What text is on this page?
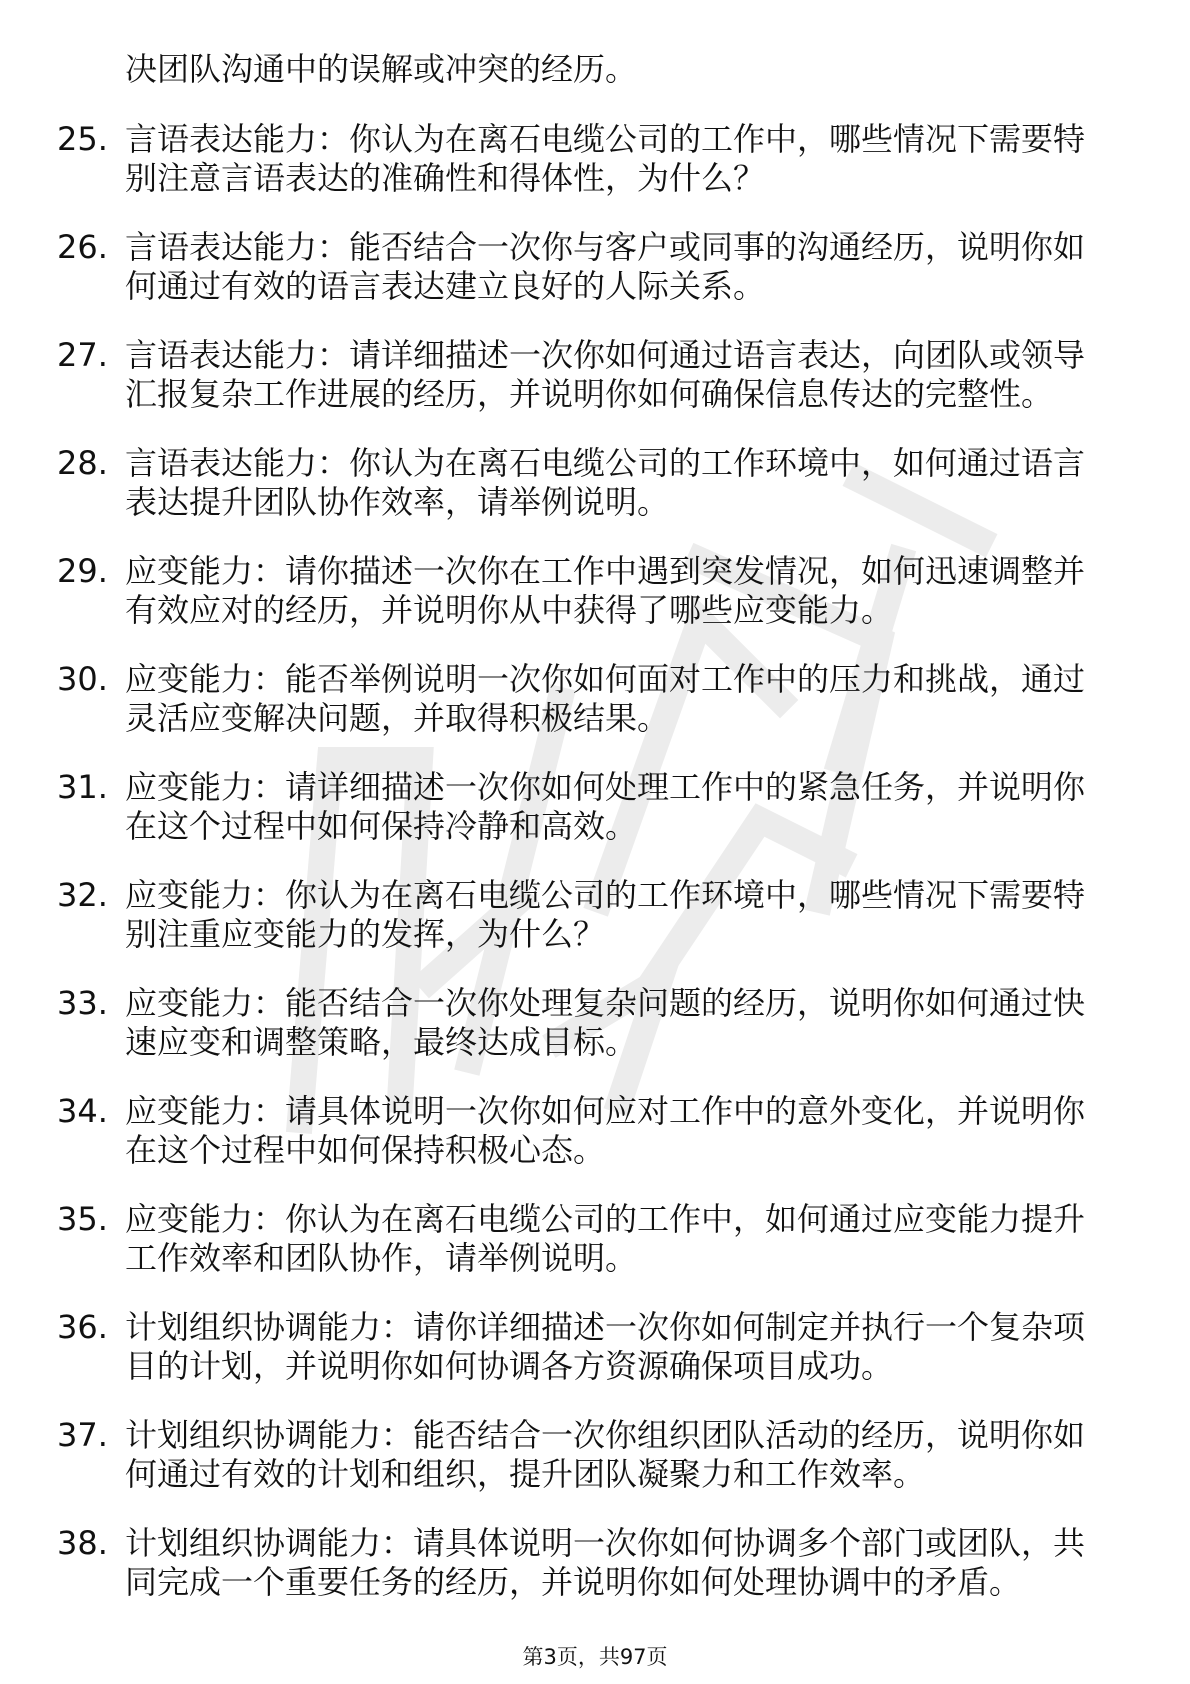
决团队沟通中的误解或冲突的经历。

25. 言语表达能力：你认为在离石电缆公司的工作中，哪些情况下需要特别注意言语表达的准确性和得体性，为什么？
26. 言语表达能力：能否结合一次你与客户或同事的沟通经历，说明你如何通过有效的语言表达建立良好的人际关系。
27. 言语表达能力：请详细描述一次你如何通过语言表达，向团队或领导汇报复杂工作进展的经历，并说明你如何确保信息传达的完整性。
28. 言语表达能力：你认为在离石电缆公司的工作环境中，如何通过语言表达提升团队协作效率，请举例说明。
29. 应变能力：请你描述一次你在工作中遇到突发情况，如何迅速调整并有效应对的经历，并说明你从中获得了哪些应变能力。
30. 应变能力：能否举例说明一次你如何面对工作中的压力和挑战，通过灵活应变解决问题，并取得积极结果。
31. 应变能力：请详细描述一次你如何处理工作中的紧急任务，并说明你在这个过程中如何保持冷静和高效。
32. 应变能力：你认为在离石电缆公司的工作环境中，哪些情况下需要特别注重应变能力的发挥，为什么？
33. 应变能力：能否结合一次你处理复杂问题的经历，说明你如何通过快速应变和调整策略，最终达成目标。
34. 应变能力：请具体说明一次你如何应对工作中的意外变化，并说明你在这个过程中如何保持积极心态。
35. 应变能力：你认为在离石电缆公司的工作中，如何通过应变能力提升工作效率和团队协作，请举例说明。
36. 计划组织协调能力：请你详细描述一次你如何制定并执行一个复杂项目的计划，并说明你如何协调各方资源确保项目成功。
37. 计划组织协调能力：能否结合一次你组织团队活动的经历，说明你如何通过有效的计划和组织，提升团队凝聚力和工作效率。
38. 计划组织协调能力：请具体说明一次你如何协调多个部门或团队，共同完成一个重要任务的经历，并说明你如何处理协调中的矛盾。
第3页，共97页
